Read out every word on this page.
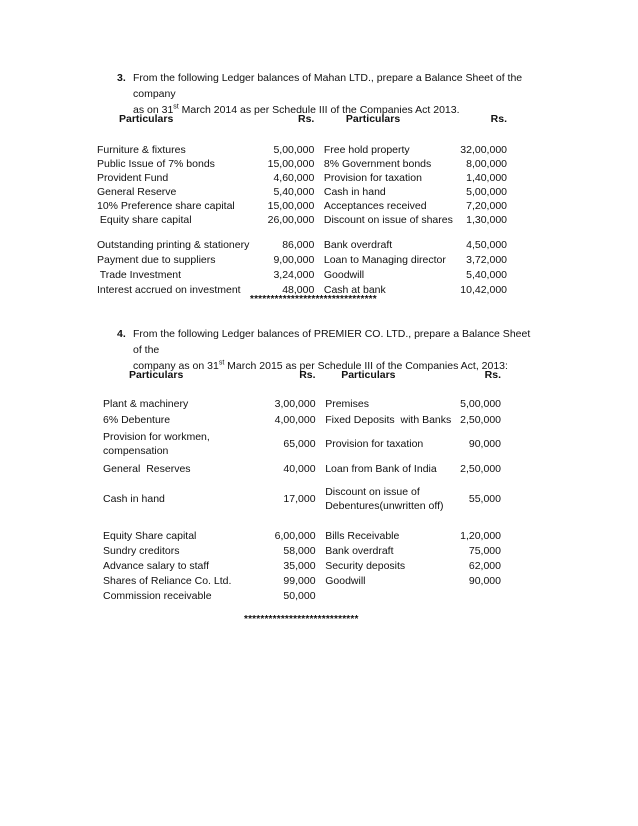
3. From the following Ledger balances of Mahan LTD., prepare a Balance Sheet of the company
as on 31st March 2014 as per Schedule III of the Companies Act 2013.
Particulars	Rs.		Particulars	Rs.

Furniture & fixtures	5,00,000		Free hold property	32,00,000
Public Issue of 7% bonds	15,00,000		8% Government bonds	8,00,000
Provident Fund	4,60,000		Provision for taxation	1,40,000
General Reserve	5,40,000		Cash in hand	5,00,000
10% Preference share capital	15,00,000		Acceptances received	7,20,000
Equity share capital	26,00,000		Discount on issue of shares	1,30,000

Outstanding printing & stationery	86,000		Bank overdraft	4,50,000
Payment due to suppliers	9,00,000		Loan to Managing director	3,72,000
Trade Investment	3,24,000		Goodwill	5,40,000
Interest accrued on investment	48,000		Cash at bank	10,42,000
*******************************
4. From the following Ledger balances of PREMIER CO. LTD., prepare a Balance Sheet of the
company as on 31st March 2015 as per Schedule III of the Companies Act, 2013:
Particulars	Rs.		Particulars	Rs.

Plant & machinery	3,00,000		Premises	5,00,000
6% Debenture	4,00,000		Fixed Deposits  with Banks	2,50,000
Provision for workmen,
compensation	65,000		Provision for taxation	90,000
General  Reserves	40,000		Loan from Bank of India	2,50,000
Cash in hand	17,000		Discount on issue of
Debentures(unwritten off)	55,000

Equity Share capital	6,00,000		Bills Receivable	1,20,000
Sundry creditors	58,000		Bank overdraft	75,000
Advance salary to staff	35,000		Security deposits	62,000
Shares of Reliance Co. Ltd.	99,000		Goodwill	90,000
Commission receivable	50,000			
****************************
